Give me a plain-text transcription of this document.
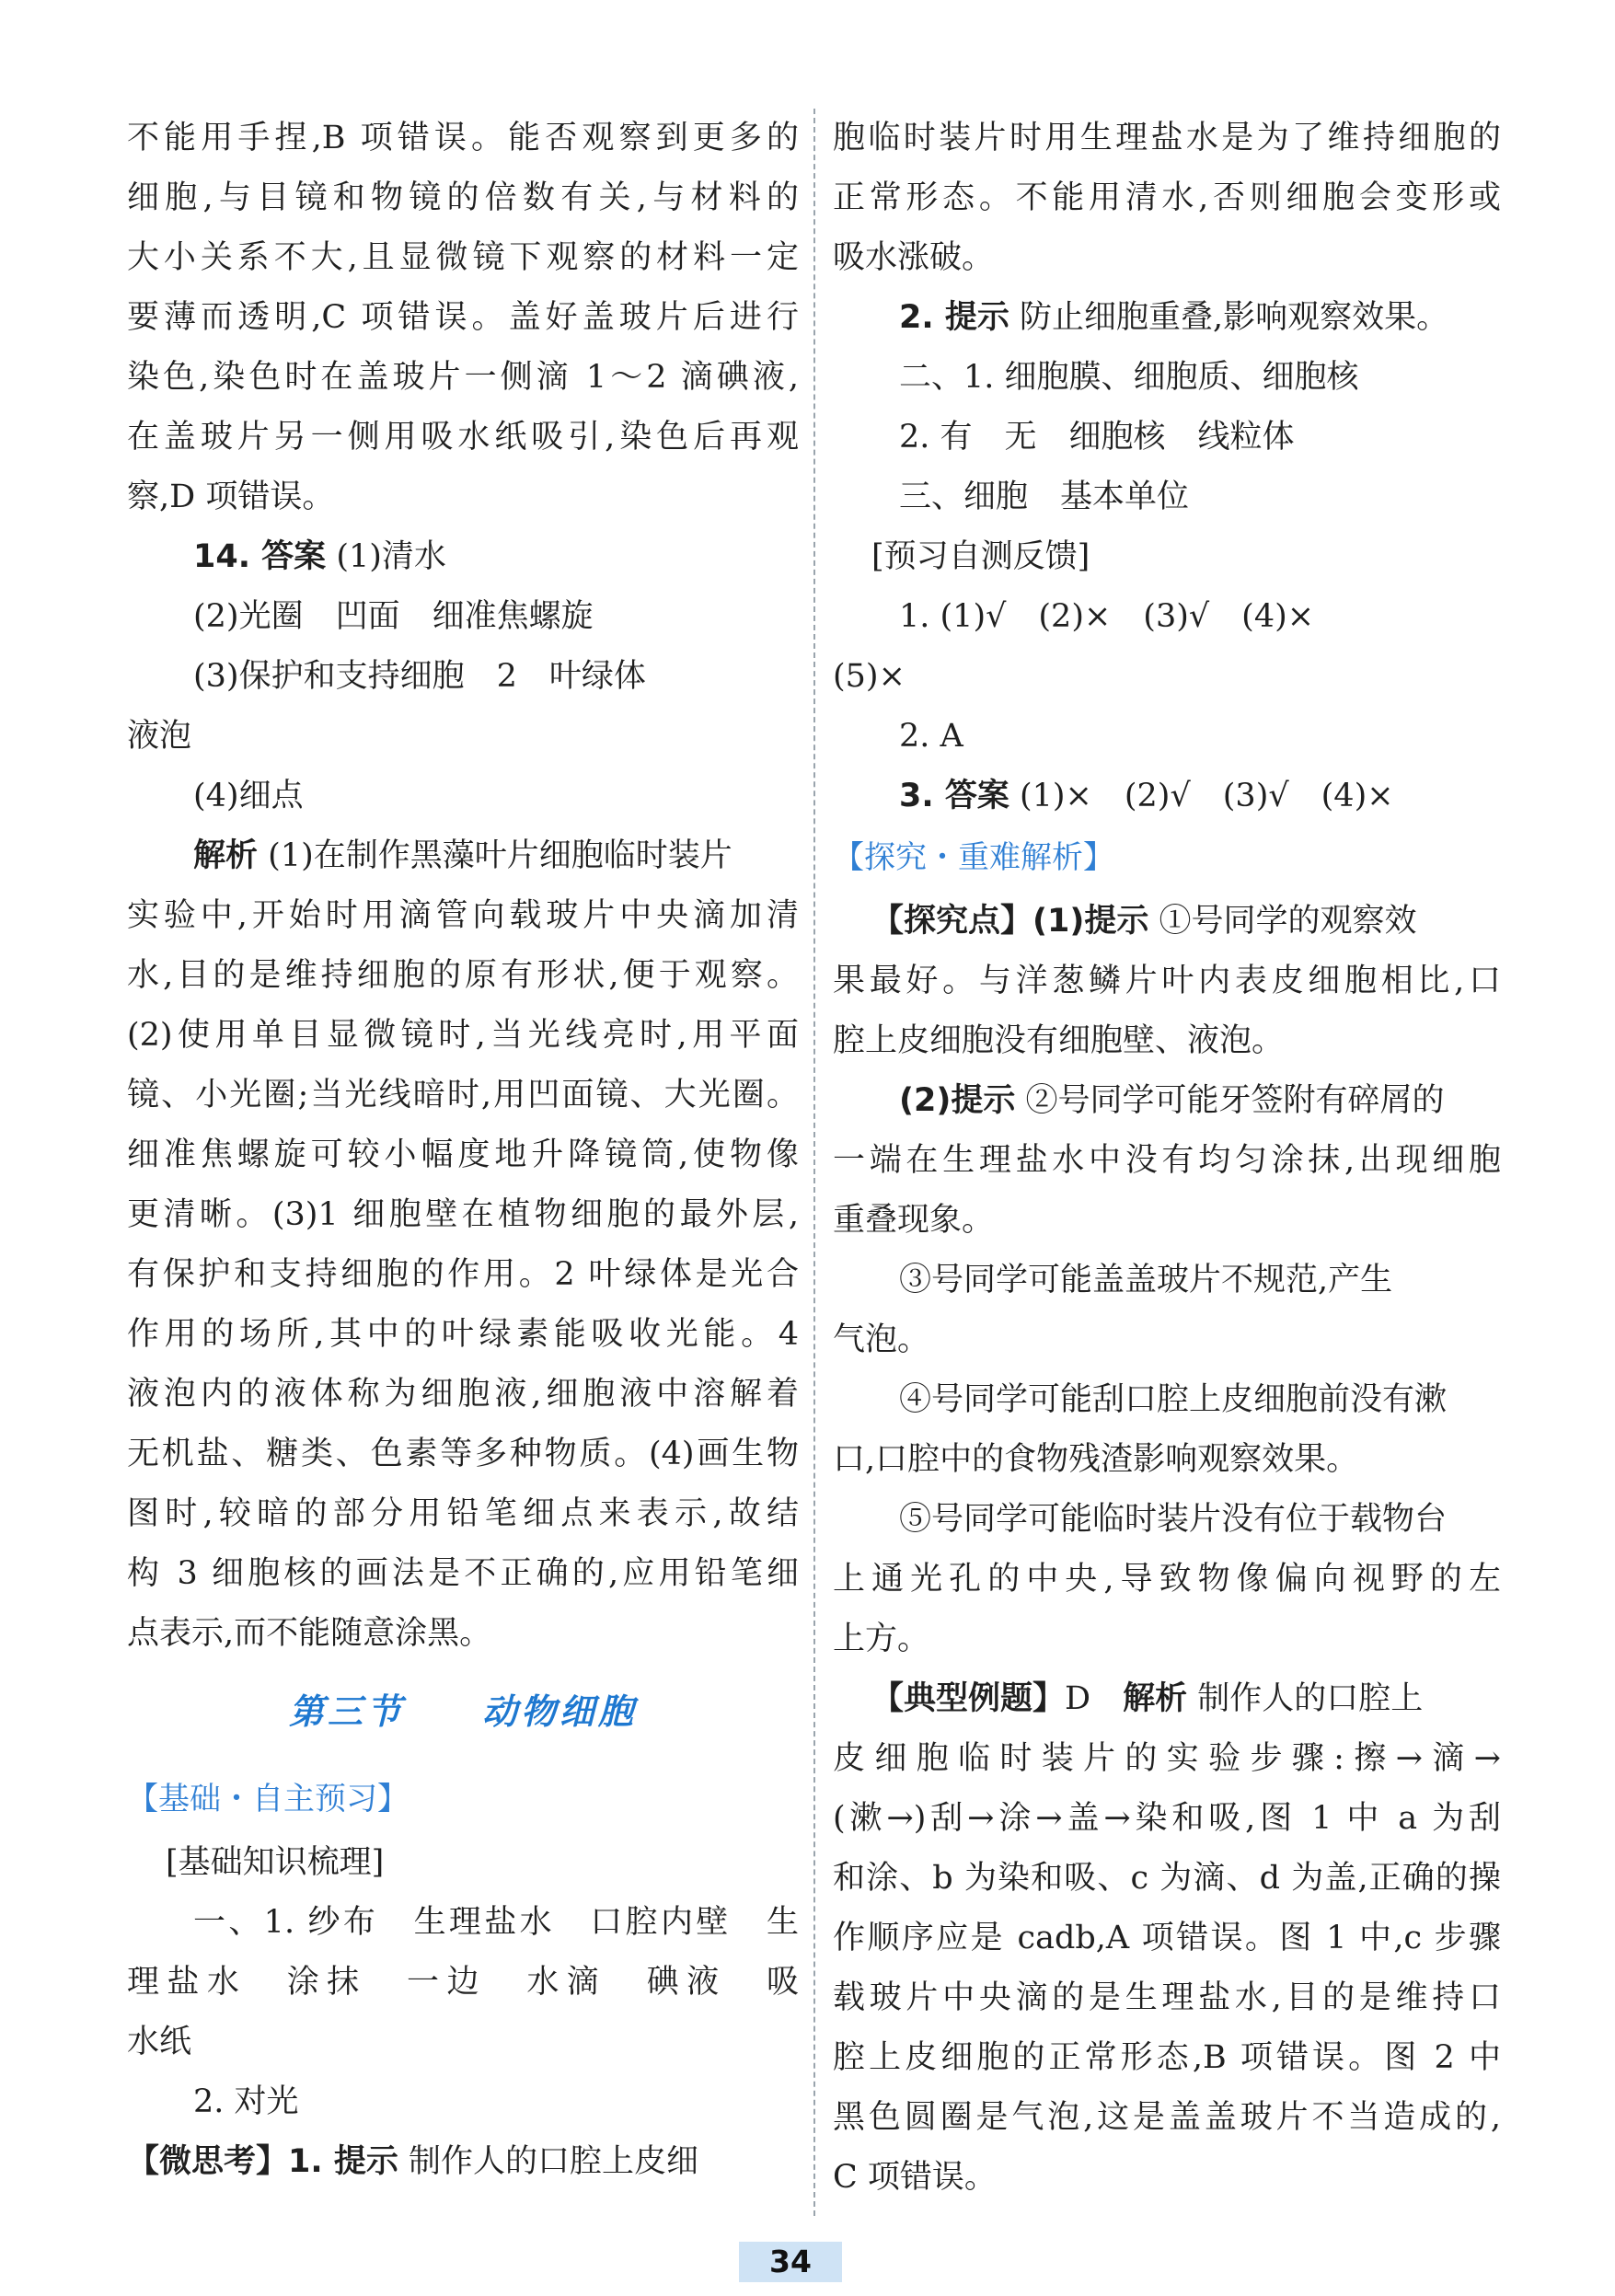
不能用手捏,B 项错误。能否观察到更多的

细胞,与目镜和物镜的倍数有关,与材料的

大小关系不大,且显微镜下观察的材料一定

要薄而透明,C 项错误。盖好盖玻片后进行

染色,染色时在盖玻片一侧滴 1～2 滴碘液,

在盖玻片另一侧用吸水纸吸引,染色后再观

察,D 项错误。

14. 答案 (1)清水

(2)光圈　凹面　细准焦螺旋

(3)保护和支持细胞　2　叶绿体

液泡

(4)细点

解析 (1)在制作黑藻叶片细胞临时装片

实验中,开始时用滴管向载玻片中央滴加清

水,目的是维持细胞的原有形状,便于观察。

(2)使用单目显微镜时,当光线亮时,用平面

镜、小光圈;当光线暗时,用凹面镜、大光圈。

细准焦螺旋可较小幅度地升降镜筒,使物像

更清晰。(3)1 细胞壁在植物细胞的最外层,

有保护和支持细胞的作用。2 叶绿体是光合

作用的场所,其中的叶绿素能吸收光能。4

液泡内的液体称为细胞液,细胞液中溶解着

无机盐、糖类、色素等多种物质。(4)画生物

图时,较暗的部分用铅笔细点来表示,故结

构 3 细胞核的画法是不正确的,应用铅笔细

点表示,而不能随意涂黑。

第三节　　 动物细胞

【基础・自主预习】

[基础知识梳理]

一、1. 纱布　生理盐水　口腔内壁　生

理盐水　涂抹　一边　水滴　碘液　吸

水纸

2. 对光

【微思考】1. 提示 制作人的口腔上皮细

胞临时装片时用生理盐水是为了维持细胞的

正常形态。不能用清水,否则细胞会变形或

吸水涨破。

2. 提示 防止细胞重叠,影响观察效果。

二、1. 细胞膜、细胞质、细胞核

2. 有　无　细胞核　线粒体

三、细胞　基本单位

[预习自测反馈]

1. (1)√　(2)×　(3)√　(4)×

(5)×

2. A

3. 答案 (1)×　(2)√　(3)√　(4)×

【探究・重难解析】

【探究点】(1)提示 ①号同学的观察效

果最好。与洋葱鳞片叶内表皮细胞相比,口

腔上皮细胞没有细胞壁、液泡。

(2)提示 ②号同学可能牙签附有碎屑的

一端在生理盐水中没有均匀涂抹,出现细胞

重叠现象。

③号同学可能盖盖玻片不规范,产生

气泡。

④号同学可能刮口腔上皮细胞前没有漱

口,口腔中的食物残渣影响观察效果。

⑤号同学可能临时装片没有位于载物台

上通光孔的中央,导致物像偏向视野的左

上方。

【典型例题】D　 解析 制作人的口腔上

皮细胞临时装片的实验步骤:擦→滴→

(漱→)刮→涂→盖→染和吸,图 1 中 a 为刮

和涂、b 为染和吸、c 为滴、d 为盖,正确的操

作顺序应是 cadb,A 项错误。图 1 中,c 步骤

载玻片中央滴的是生理盐水,目的是维持口

腔上皮细胞的正常形态,B 项错误。图 2 中

黑色圆圈是气泡,这是盖盖玻片不当造成的,

C 项错误。

34
